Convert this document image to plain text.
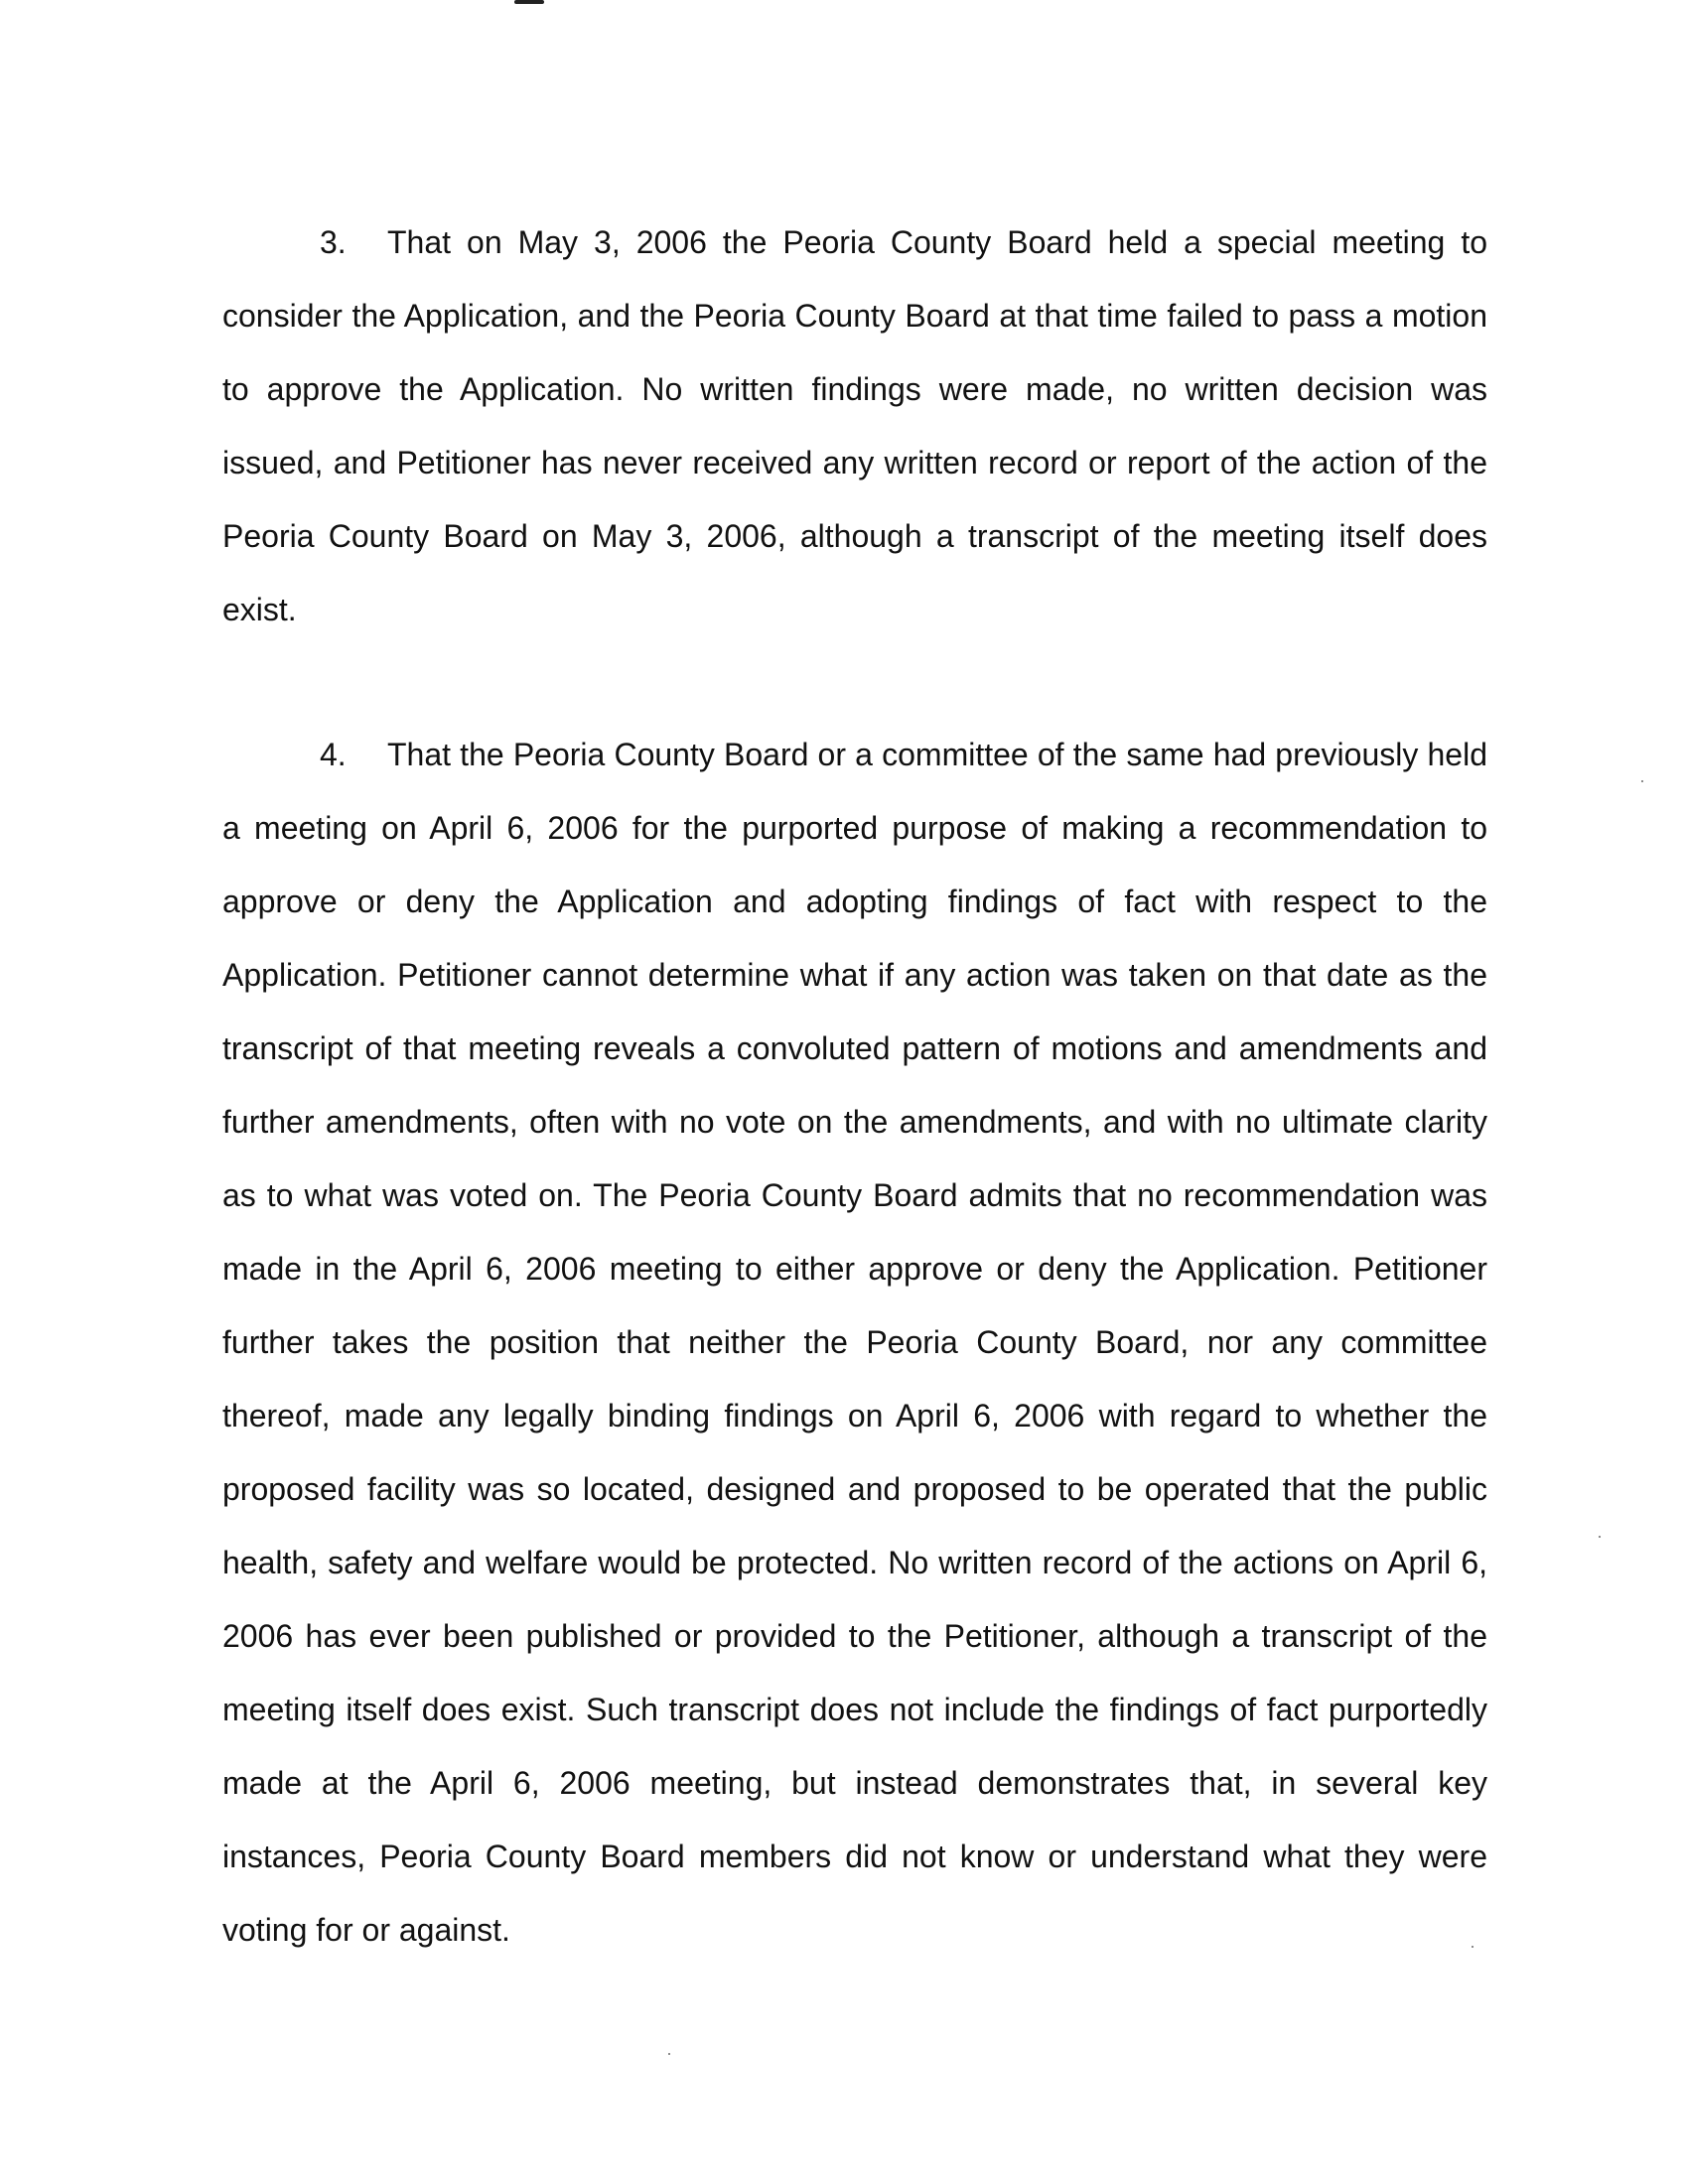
3. That on May 3, 2006 the Peoria County Board held a special meeting to consider the Application, and the Peoria County Board at that time failed to pass a motion to approve the Application. No written findings were made, no written decision was issued, and Petitioner has never received any written record or report of the action of the Peoria County Board on May 3, 2006, although a transcript of the meeting itself does exist.

4. That the Peoria County Board or a committee of the same had previously held a meeting on April 6, 2006 for the purported purpose of making a recommendation to approve or deny the Application and adopting findings of fact with respect to the Application. Petitioner cannot determine what if any action was taken on that date as the transcript of that meeting reveals a convoluted pattern of motions and amendments and further amendments, often with no vote on the amendments, and with no ultimate clarity as to what was voted on. The Peoria County Board admits that no recommendation was made in the April 6, 2006 meeting to either approve or deny the Application. Petitioner further takes the position that neither the Peoria County Board, nor any committee thereof, made any legally binding findings on April 6, 2006 with regard to whether the proposed facility was so located, designed and proposed to be operated that the public health, safety and welfare would be protected. No written record of the actions on April 6, 2006 has ever been published or provided to the Petitioner, although a transcript of the meeting itself does exist. Such transcript does not include the findings of fact purportedly made at the April 6, 2006 meeting, but instead demonstrates that, in several key instances, Peoria County Board members did not know or understand what they were voting for or against.
